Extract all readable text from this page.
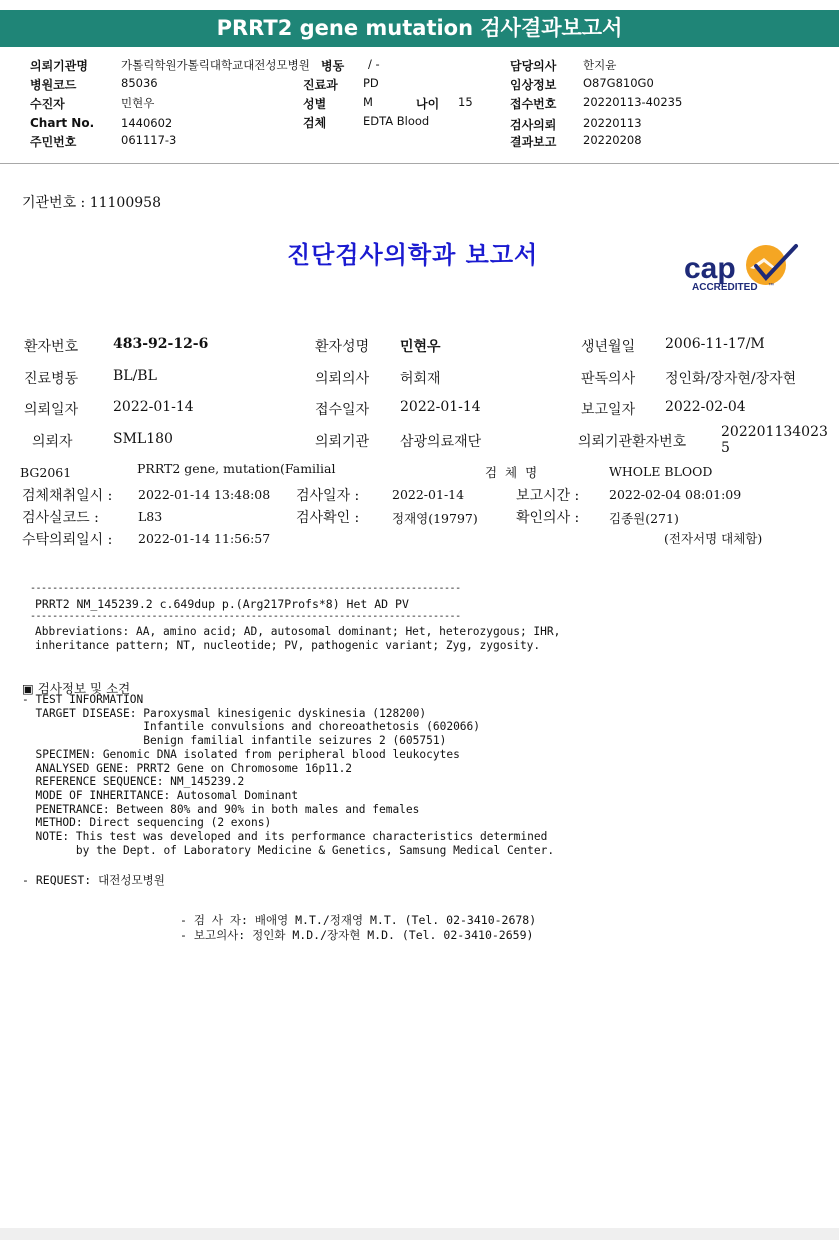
PRRT2 gene mutation 검사결과보고서
의뢰기관명	가톨릭학원가톨릭대학교대전성모병원 병동 / -	담당의사 한지윤
병원코드	85036	진료과 PD	임상정보 O87G810G0
수진자	민현우	성별	M	나이 15	접수번호 20220113-40235
Chart No. 1440602	검체	EDTA Blood	검사의뢰 20220113
주민번호	061117-3	결과보고 20220208
기관번호 : 11100958
진단검사의학과 보고서	cap
ACCREDITED ™
환자번호 483-92-12-6	환자성명 민현우	생년월일 2006-11-17/M
진료병동 BL/BL	의뢰의사 허회재	판독의사 정인화/장자현/장자현
의뢰일자 2022-01-14	접수일자 2022-01-14	보고일자 2022-02-04
의뢰자	SML180	의뢰기관 삼광의료재단	의뢰기관환자번호
202201134023
5
BG2061	PRRT2 gene, mutation(Familial	검 체 명	WHOLE BLOOD
검체채취일시 : 2022-01-14 13:48:08 검사일자 :	2022-01-14	보고시간 : 2022-02-04 08:01:09
검사실코드 :	L83	검사확인 :	정재영(19797)	확인의사 : 김종원(271)
수탁의뢰일시 : 2022-01-14 11:56:57	(전자서명 대체함)
------------------------------------------------------------------------------
PRRT2 NM_145239.2 c.649dup p.(Arg217Profs*8) Het AD PV
------------------------------------------------------------------------------
Abbreviations: AA, amino acid; AD, autosomal dominant; Het, heterozygous; IHR,
inheritance pattern; NT, nucleotide; PV, pathogenic variant; Zyg, zygosity.
▣ 검사정보 및 소견
- TEST INFORMATION
TARGET DISEASE: Paroxysmal kinesigenic dyskinesia (128200)
Infantile convulsions and choreoathetosis (602066)
Benign familial infantile seizures 2 (605751)
SPECIMEN: Genomic DNA isolated from peripheral blood leukocytes
ANALYSED GENE: PRRT2 Gene on Chromosome 16p11.2
REFERENCE SEQUENCE: NM_145239.2
MODE OF INHERITANCE: Autosomal Dominant
PENETRANCE: Between 80% and 90% in both males and females
METHOD: Direct sequencing (2 exons)
NOTE: This test was developed and its performance characteristics determined
by the Dept. of Laboratory Medicine & Genetics, Samsung Medical Center.
- REQUEST: 대전성모병원
- 검 사 자: 배애영 M.T./정재영 M.T. (Tel. 02-3410-2678)
- 보고의사: 정인화 M.D./장자현 M.D. (Tel. 02-3410-2659)
